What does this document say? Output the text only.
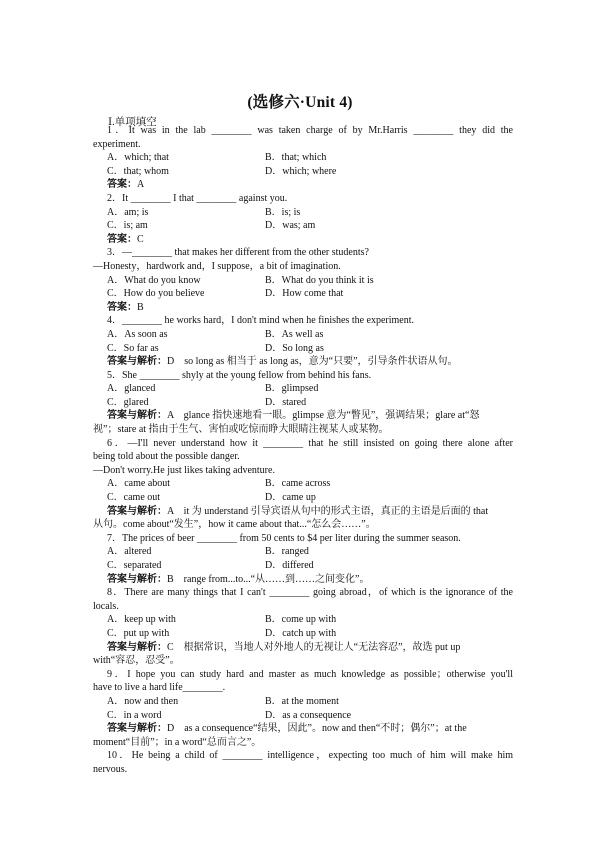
(选修六·Unit 4)
Ⅰ.单项填空
1．It was in the lab ________ was taken charge of by Mr.Harris ________ they did the
experiment.
A．which; that	B．that; which
C．that; whom	D．which; where
答案：A
2．It ________ I that ________ against you.
A．am; is	B．is; is
C．is; am	D．was; am
答案：C
3．—________ that makes her different from the other students?
—Honesty，hardwork and，I suppose，a bit of imagination.
A．What do you know	B．What do you think it is
C．How do you believe	D．How come that
答案：B
4．________ he works hard，I don't mind when he finishes the experiment.
A．As soon as	B．As well as
C．So far as	D．So long as
答案与解析：D　so long as 相当于 as long as，意为“只要”，引导条件状语从句。
5．She ________ shyly at the young fellow from behind his fans.
A．glanced	B．glimpsed
C．glared	D．stared
答案与解析：A　glance 指快速地看一眼。glimpse 意为“瞥见”，强调结果；glare at“怒
视”；stare at 指由于生气、害怕或吃惊而睁大眼睛注视某人或某物。
6．—I'll never understand how it ________ that he still insisted on going there alone after
being told about the possible danger.
—Don't worry.He just likes taking adventure.
A．came about	B．came across
C．came out	D．came up
答案与解析：A　it 为 understand 引导宾语从句中的形式主语，真正的主语是后面的 that
从句。come about“发生”，how it came about that...“怎么会……”。
7．The prices of beer ________ from 50 cents to $4 per liter during the summer season.
A．altered	B．ranged
C．separated	D．differed
答案与解析：B　range from...to...“从……到……之间变化”。
8．There are many things that I can't ________ going abroad，of which is the ignorance of the
locals.
A．keep up with	B．come up with
C．put up with	D．catch up with
答案与解析：C　根据常识，当地人对外地人的无视让人“无法容忍”，故选 put up
with“容忍，忍受”。
9．I hope you can study hard and master as much knowledge as possible；otherwise you'll
have to live a hard life________.
A．now and then	B．at the moment
C．in a word	D．as a consequence
答案与解析：D　as a consequence“结果，因此”。now and then“不时；偶尔”；at the
moment“目前”；in a word“总而言之”。
10．He being a child of ________ intelligence，expecting too much of him will make him
nervous.
